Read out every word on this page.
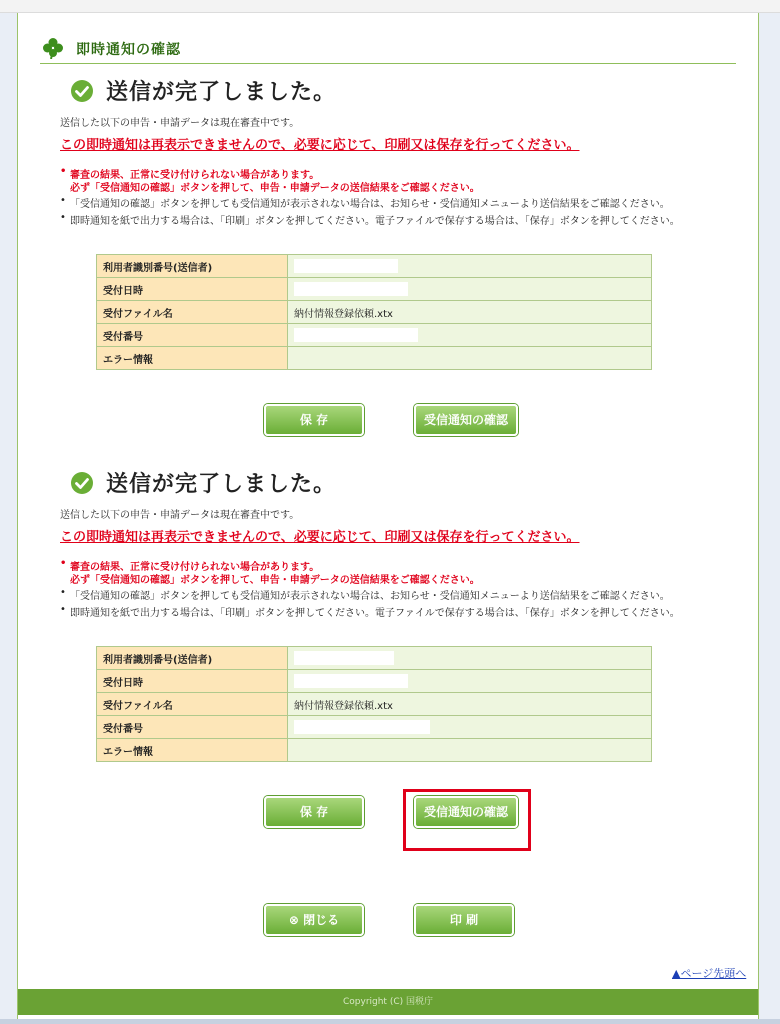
即時通知の確認
送信が完了しました。
送信した以下の申告・申請データは現在審査中です。
この即時通知は再表示できませんので、必要に応じて、印刷又は保存を行ってください。
• 審査の結果、正常に受け付けられない場合があります。
必ず「受信通知の確認」ボタンを押して、申告・申請データの送信結果をご確認ください。
• 「受信通知の確認」ボタンを押しても受信通知が表示されない場合は、お知らせ・受信通知メニューより送信結果をご確認ください。
• 即時通知を紙で出力する場合は、「印刷」ボタンを押してください。電子ファイルで保存する場合は、「保存」ボタンを押してください。
利用者識別番号(送信者)	
受付日時	
受付ファイル名	納付情報登録依頼.xtx
受付番号	
エラー情報	
保 存	受信通知の確認
送信が完了しました。
送信した以下の申告・申請データは現在審査中です。
この即時通知は再表示できませんので、必要に応じて、印刷又は保存を行ってください。
• 審査の結果、正常に受け付けられない場合があります。
必ず「受信通知の確認」ボタンを押して、申告・申請データの送信結果をご確認ください。
• 「受信通知の確認」ボタンを押しても受信通知が表示されない場合は、お知らせ・受信通知メニューより送信結果をご確認ください。
• 即時通知を紙で出力する場合は、「印刷」ボタンを押してください。電子ファイルで保存する場合は、「保存」ボタンを押してください。
利用者識別番号(送信者)	
受付日時	
受付ファイル名	納付情報登録依頼.xtx
受付番号	
エラー情報	
保 存	受信通知の確認
⊗ 閉じる	印 刷
▲ページ先頭へ
Copyright (C) 国税庁
